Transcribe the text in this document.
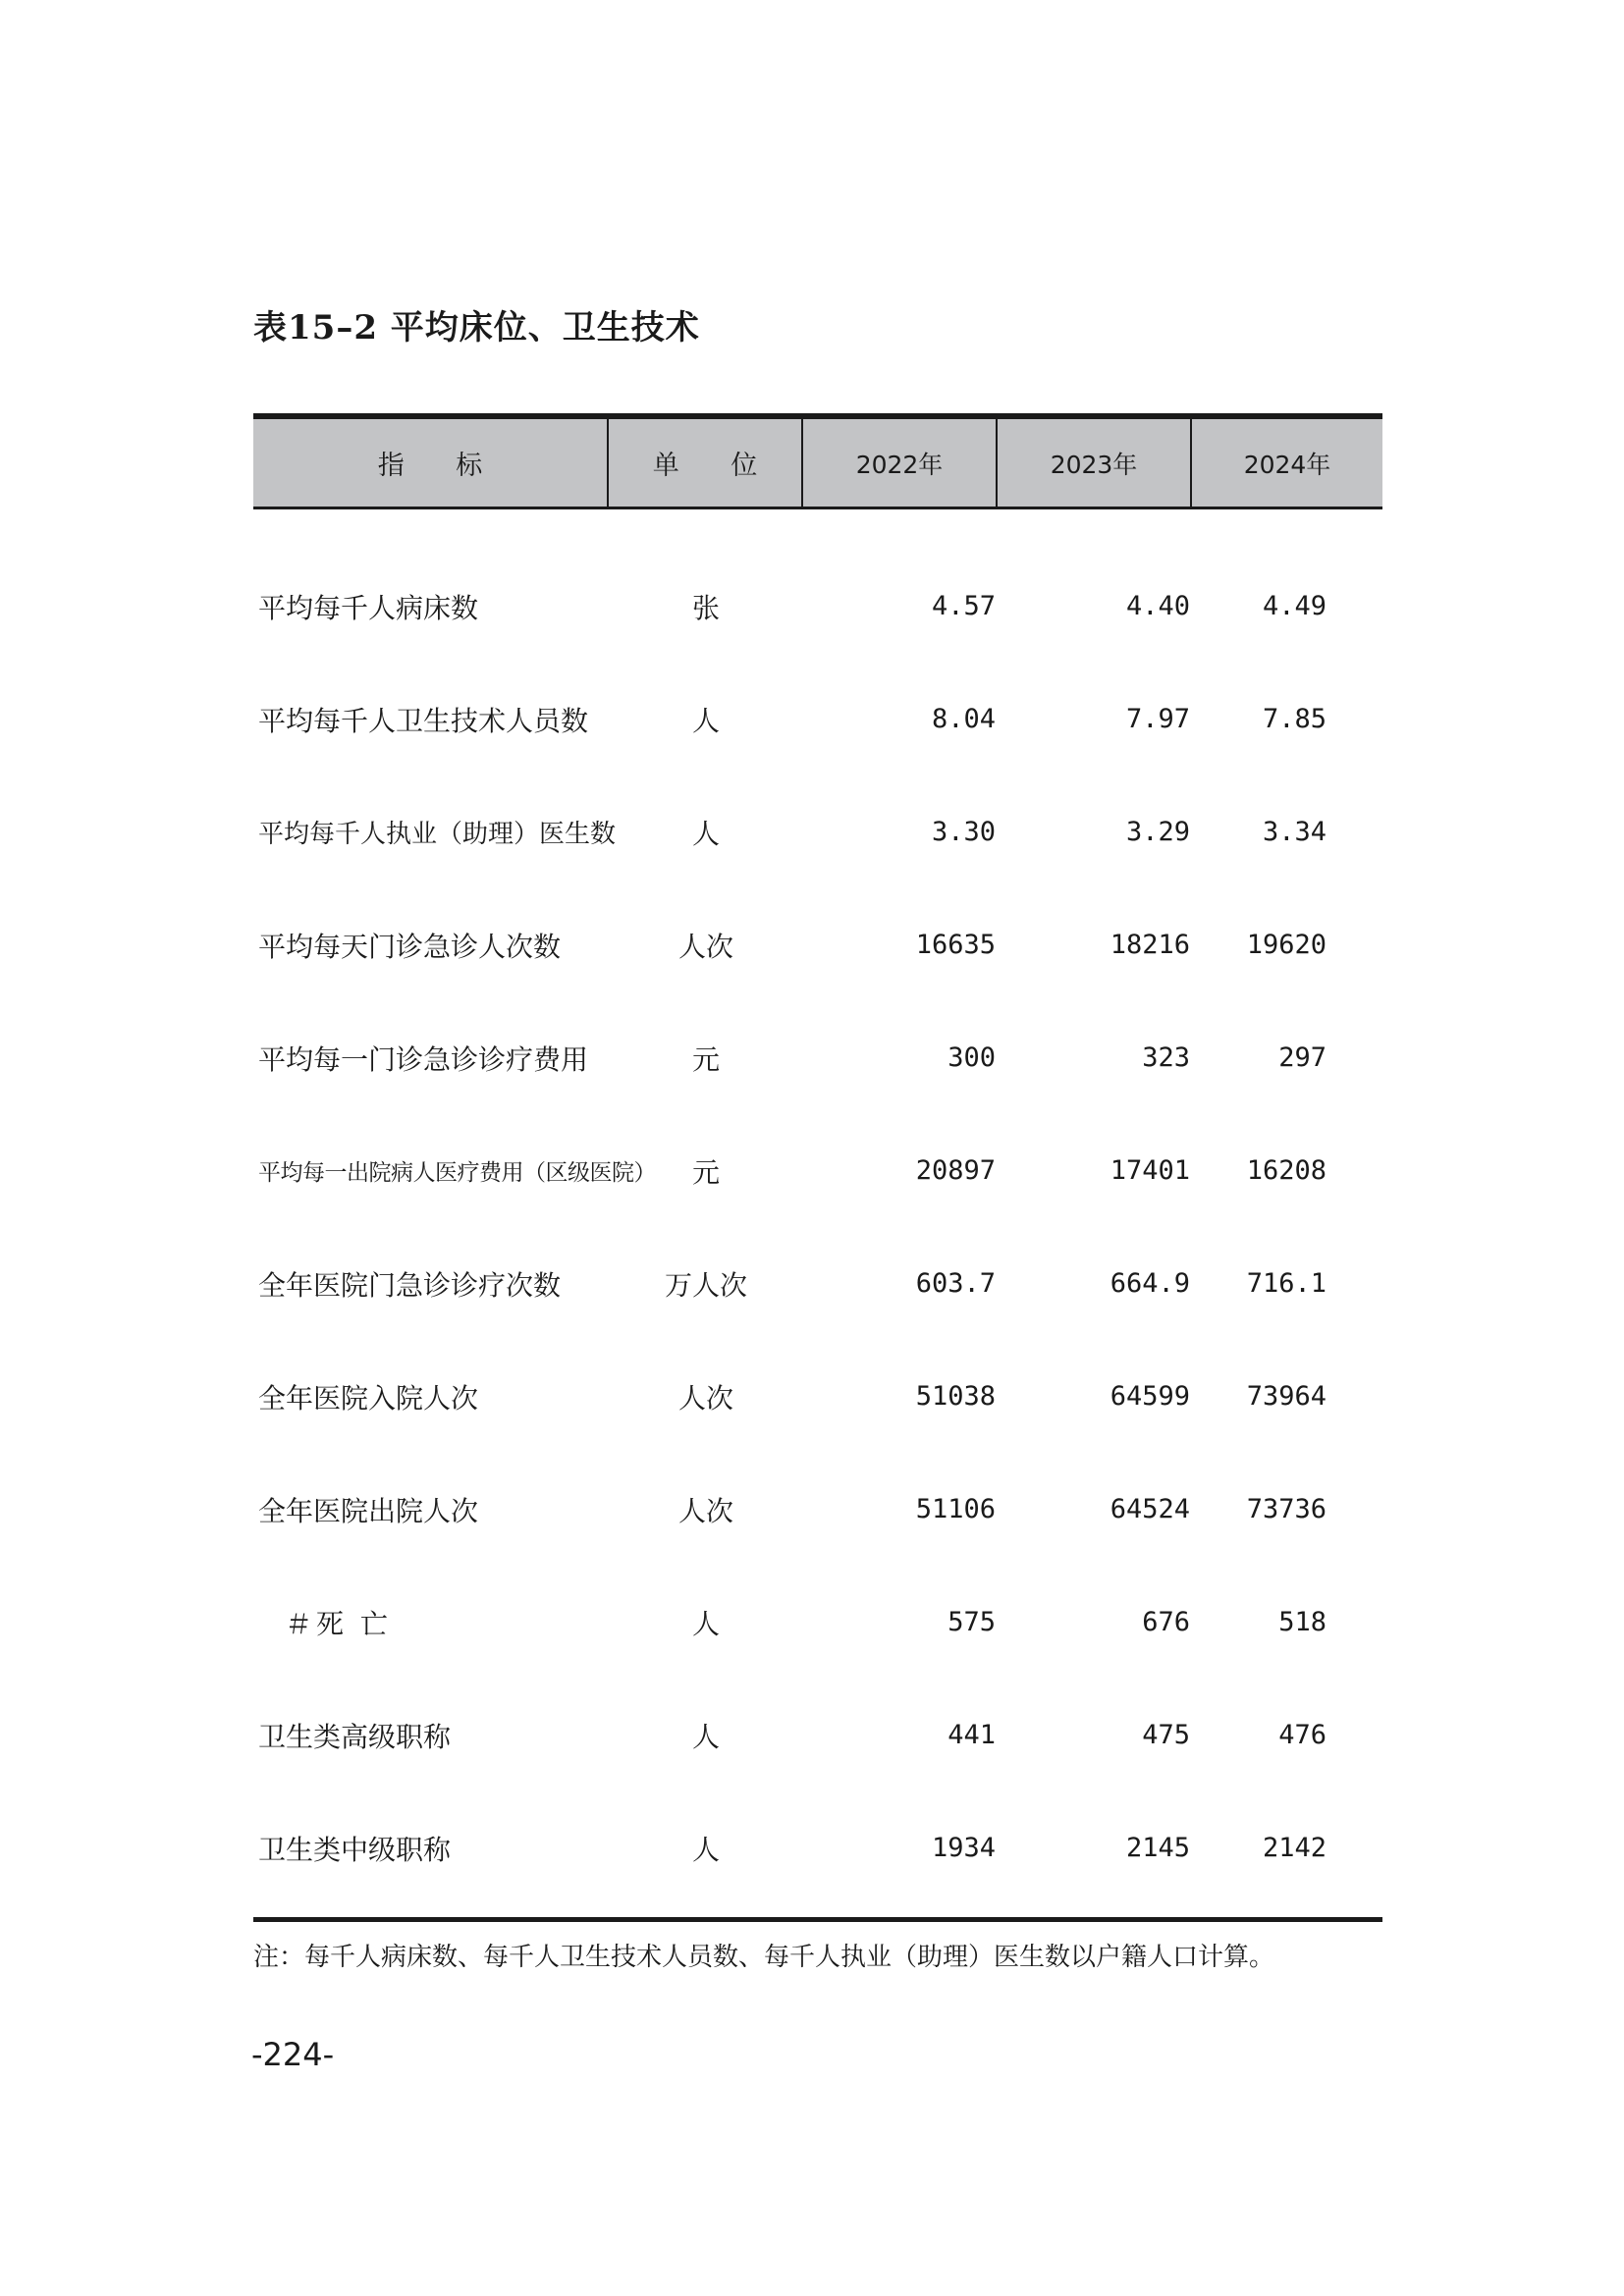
表15–2 平均床位、卫生技术
指 标	单 位	2022年	2023年	2024年
平均每千人病床数	张	4.57	4.40	4.49
平均每千人卫生技术人员数	人	8.04	7.97	7.85
平均每千人执业（助理）医生数	人	3.30	3.29	3.34
平均每天门诊急诊人次数	人次	16635	18216	19620
平均每一门诊急诊诊疗费用	元	300	323	297
平均每一出院病人医疗费用（区级医院）	元	20897	17401	16208
全年医院门急诊诊疗次数	万人次	603.7	664.9	716.1
全年医院入院人次	人次	51038	64599	73964
全年医院出院人次	人次	51106	64524	73736
＃死 亡	人	575	676	518
卫生类高级职称	人	441	475	476
卫生类中级职称	人	1934	2145	2142
注：每千人病床数、每千人卫生技术人员数、每千人执业（助理）医生数以户籍人口计算。
-224-
